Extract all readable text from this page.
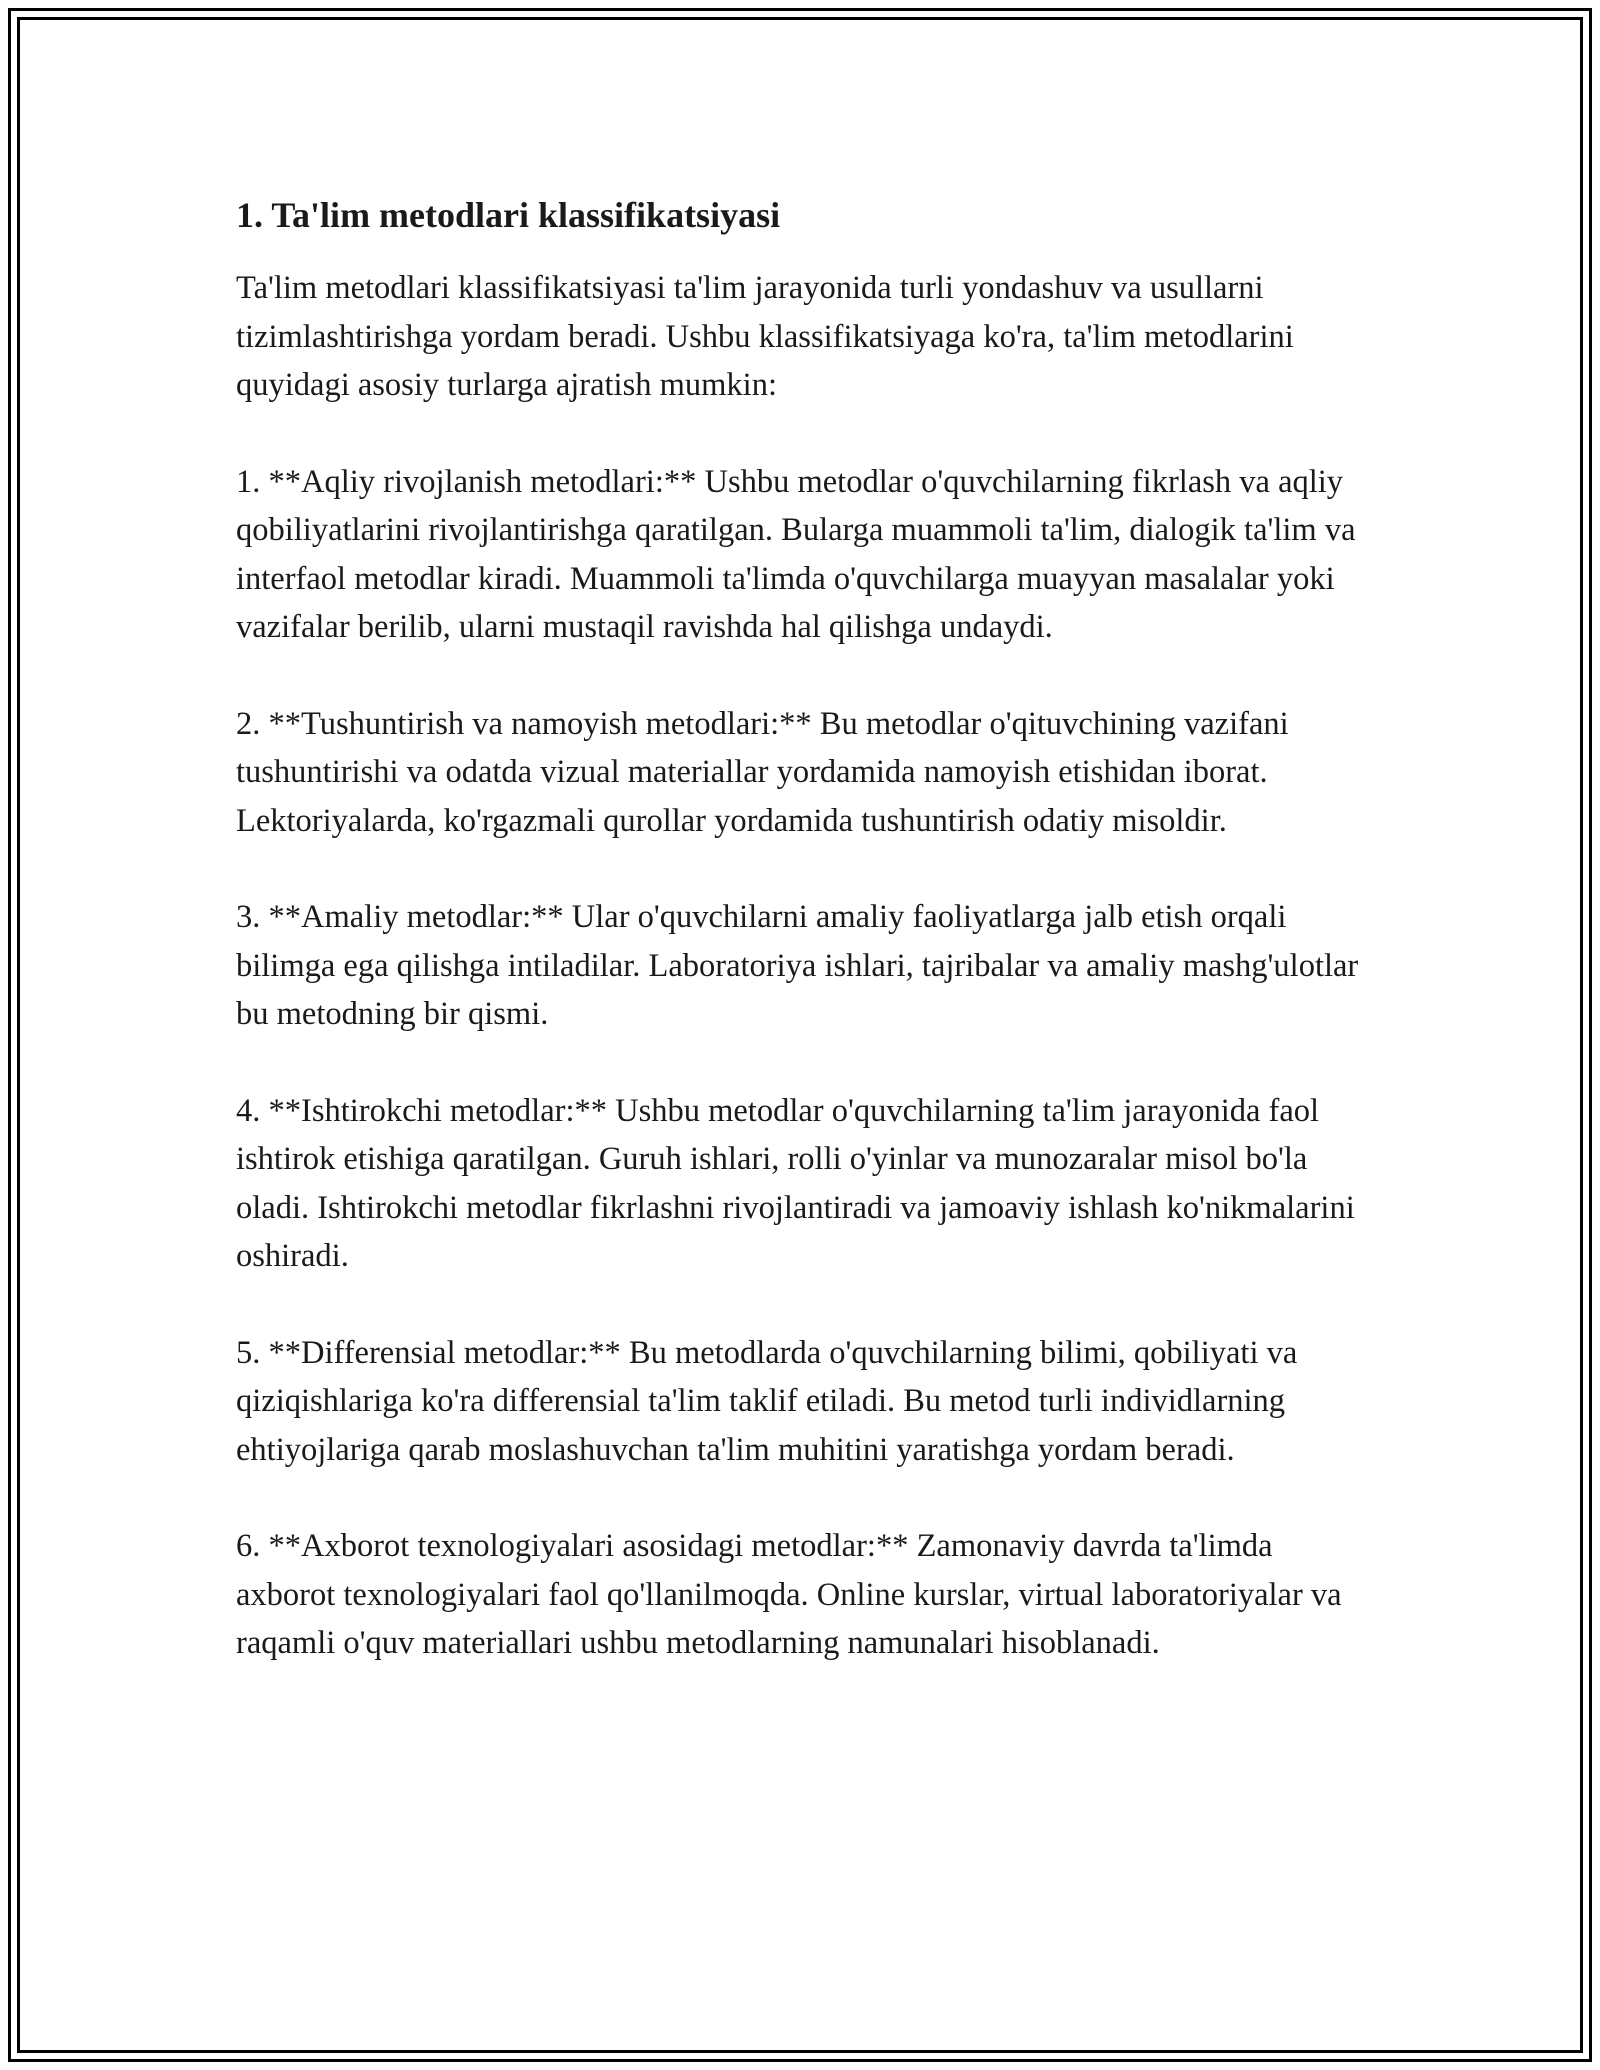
1. Ta'lim metodlari klassifikatsiyasi

Ta'lim metodlari klassifikatsiyasi ta'lim jarayonida turli yondashuv va usullarni tizimlashtirishga yordam beradi. Ushbu klassifikatsiyaga ko'ra, ta'lim metodlarini quyidagi asosiy turlarga ajratish mumkin:

1. **Aqliy rivojlanish metodlari:** Ushbu metodlar o'quvchilarning fikrlash va aqliy qobiliyatlarini rivojlantirishga qaratilgan. Bularga muammoli ta'lim, dialogik ta'lim va interfaol metodlar kiradi. Muammoli ta'limda o'quvchilarga muayyan masalalar yoki vazifalar berilib, ularni mustaqil ravishda hal qilishga undaydi.

2. **Tushuntirish va namoyish metodlari:** Bu metodlar o'qituvchining vazifani tushuntirishi va odatda vizual materiallar yordamida namoyish etishidan iborat. Lektoriyalarda, ko'rgazmali qurollar yordamida tushuntirish odatiy misoldir.

3. **Amaliy metodlar:** Ular o'quvchilarni amaliy faoliyatlarga jalb etish orqali bilimga ega qilishga intiladilar. Laboratoriya ishlari, tajribalar va amaliy mashg'ulotlar bu metodning bir qismi.

4. **Ishtirokchi metodlar:** Ushbu metodlar o'quvchilarning ta'lim jarayonida faol ishtirok etishiga qaratilgan. Guruh ishlari, rolli o'yinlar va munozaralar misol bo'la oladi. Ishtirokchi metodlar fikrlashni rivojlantiradi va jamoaviy ishlash ko'nikmalarini oshiradi.

5. **Differensial metodlar:** Bu metodlarda o'quvchilarning bilimi, qobiliyati va qiziqishlariga ko'ra differensial ta'lim taklif etiladi. Bu metod turli individlarning ehtiyojlariga qarab moslashuvchan ta'lim muhitini yaratishga yordam beradi.

6. **Axborot texnologiyalari asosidagi metodlar:** Zamonaviy davrda ta'limda axborot texnologiyalari faol qo'llanilmoqda. Online kurslar, virtual laboratoriyalar va raqamli o'quv materiallari ushbu metodlarning namunalari hisoblanadi.
